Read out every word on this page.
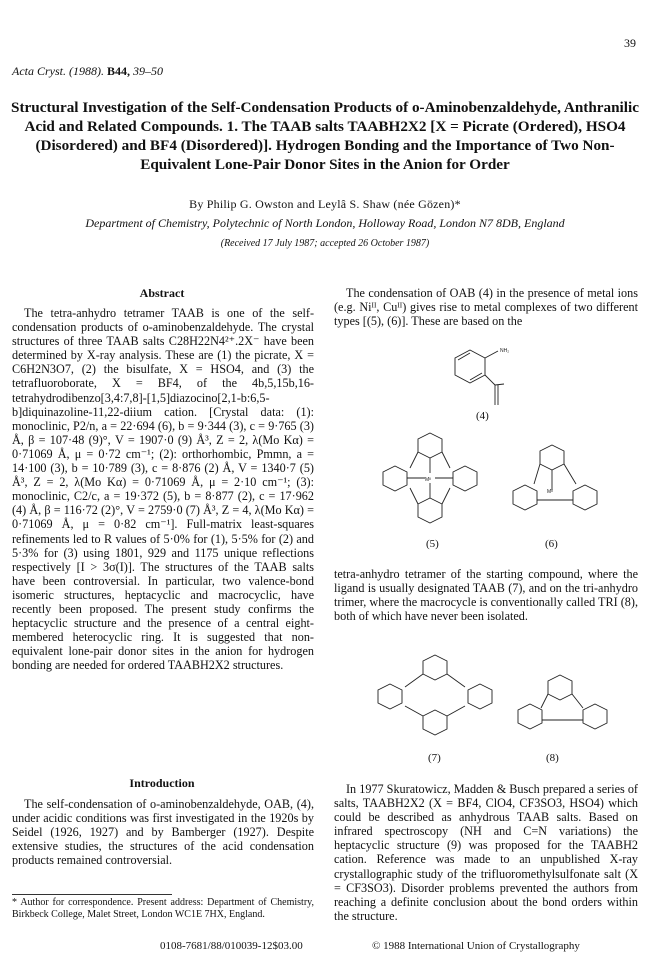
39
Acta Cryst. (1988). B44, 39–50
Structural Investigation of the Self-Condensation Products of o-Aminobenzaldehyde, Anthranilic Acid and Related Compounds. 1. The TAAB salts TAABH2X2 [X = Picrate (Ordered), HSO4 (Disordered) and BF4 (Disordered)]. Hydrogen Bonding and the Importance of Two Non-Equivalent Lone-Pair Donor Sites in the Anion for Order
By Philip G. Owston and Leylâ S. Shaw (née Gözen)*
Department of Chemistry, Polytechnic of North London, Holloway Road, London N7 8DB, England
(Received 17 July 1987; accepted 26 October 1987)
Abstract

The tetra-anhydro tetramer TAAB is one of the self-condensation products of o-aminobenzaldehyde. The crystal structures of three TAAB salts C28H22N4²⁺.2X⁻ have been determined by X-ray analysis. These are (1) the picrate, X = C6H2N3O7, (2) the bisulfate, X = HSO4, and (3) the tetrafluoroborate, X = BF4, of the 4b,5,15b,16-tetrahydrodibenzo[3,4:7,8]-[1,5]diazocino[2,1-b:6,5-b]diquinazoline-11,22-diium cation. [Crystal data: (1): monoclinic, P2/n, a = 22·694 (6), b = 9·344 (3), c = 9·765 (3) Å, β = 107·48 (9)°, V = 1907·0 (9) Å³, Z = 2, λ(Mo Kα) = 0·71069 Å, μ = 0·72 cm⁻¹; (2): orthorhombic, Pmmn, a = 14·100 (3), b = 10·789 (3), c = 8·876 (2) Å, V = 1340·7 (5) Å³, Z = 2, λ(Mo Kα) = 0·71069 Å, μ = 2·10 cm⁻¹; (3): monoclinic, C2/c, a = 19·372 (5), b = 8·877 (2), c = 17·962 (4) Å, β = 116·72 (2)°, V = 2759·0 (7) Å³, Z = 4, λ(Mo Kα) = 0·71069 Å, μ = 0·82 cm⁻¹]. Full-matrix least-squares refinements led to R values of 5·0% for (1), 5·5% for (2) and 5·3% for (3) using 1801, 929 and 1175 unique reflections respectively [I > 3σ(I)]. The structures of the TAAB salts have been controversial. In particular, two valence-bond isomeric structures, heptacyclic and macrocyclic, have recently been proposed. The present study confirms the heptacyclic structure and the presence of a central eight-membered heterocyclic ring. It is suggested that non-equivalent lone-pair donor sites in the anion for hydrogen bonding are needed for ordered TAABH2X2 structures.

Introduction

The self-condensation of o-aminobenzaldehyde, OAB, (4), under acidic conditions was first investigated in the 1920s by Seidel (1926, 1927) and by Bamberger (1927). Despite extensive studies, the structures of the acid condensation products remained controversial.

* Author for correspondence. Present address: Department of Chemistry, Birkbeck College, Malet Street, London WC1E 7HX, England.

The condensation of OAB (4) in the presence of metal ions (e.g. Niᴵᴵ, Cuᴵᴵ) gives rise to metal complexes of two different types [(5), (6)]. These are based on the

NH₂
(4)
Mᴵᴵ
(5)
Mᴵᴵ
(6)

tetra-anhydro tetramer of the starting compound, where the ligand is usually designated TAAB (7), and on the tri-anhydro trimer, where the macrocycle is conventionally called TRI (8), both of which have never been isolated.

(7)	(8)

In 1977 Skuratowicz, Madden & Busch prepared a series of salts, TAABH2X2 (X = BF4, ClO4, CF3SO3, HSO4) which could be described as anhydrous TAAB salts. Based on infrared spectroscopy (NH and C=N variations) the heptacyclic structure (9) was proposed for the TAABH2 cation. Reference was made to an unpublished X-ray crystallographic study of the trifluoromethylsulfonate salt (X = CF3SO3). Disorder problems prevented the authors from reaching a definite conclusion about the bond orders within the structure.

0108-7681/88/010039-12$03.00	© 1988 International Union of Crystallography
